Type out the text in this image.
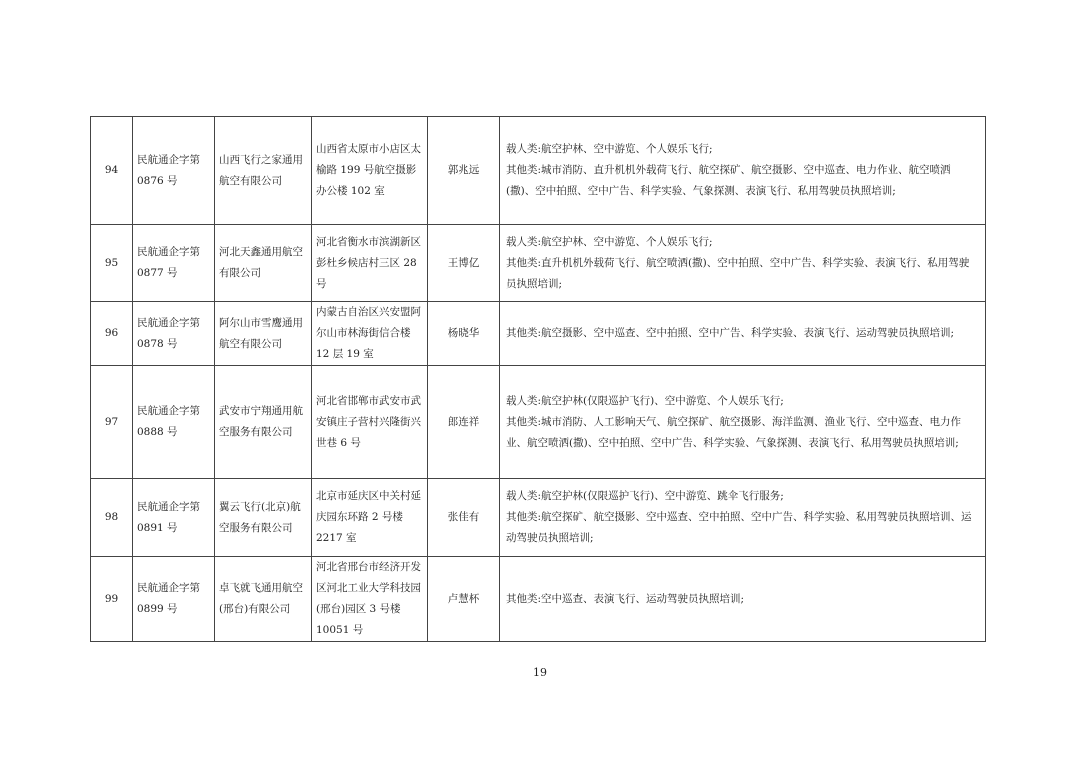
94	民航通企字第 0876 号	山西飞行之家通用航空有限公司	山西省太原市小店区太榆路 199 号航空摄影办公楼 102 室	郭兆远	载人类:航空护林、空中游览、个人娱乐飞行;
其他类:城市消防、直升机机外载荷飞行、航空探矿、航空摄影、空中巡查、电力作业、航空喷洒(撒)、空中拍照、空中广告、科学实验、气象探测、表演飞行、私用驾驶员执照培训;

95	民航通企字第 0877 号	河北天鑫通用航空有限公司	河北省衡水市滨湖新区彭杜乡候店村三区 28 号	王博亿	载人类:航空护林、空中游览、个人娱乐飞行;
其他类:直升机机外载荷飞行、航空喷洒(撒)、空中拍照、空中广告、科学实验、表演飞行、私用驾驶员执照培训;

96	民航通企字第 0878 号	阿尔山市雪鹰通用航空有限公司	内蒙古自治区兴安盟阿尔山市林海街信合楼 12 层 19 室	杨晓华	其他类:航空摄影、空中巡查、空中拍照、空中广告、科学实验、表演飞行、运动驾驶员执照培训;

97	民航通企字第 0888 号	武安市宁翔通用航空服务有限公司	河北省邯郸市武安市武安镇庄子营村兴隆街兴世巷 6 号	郎连祥	载人类:航空护林(仅限巡护飞行)、空中游览、个人娱乐飞行;
其他类:城市消防、人工影响天气、航空探矿、航空摄影、海洋监测、渔业飞行、空中巡查、电力作业、航空喷洒(撒)、空中拍照、空中广告、科学实验、气象探测、表演飞行、私用驾驶员执照培训;

98	民航通企字第 0891 号	翼云飞行(北京)航空服务有限公司	北京市延庆区中关村延庆园东环路 2 号楼 2217 室	张佳有	载人类:航空护林(仅限巡护飞行)、空中游览、跳伞飞行服务;
其他类:航空探矿、航空摄影、空中巡查、空中拍照、空中广告、科学实验、私用驾驶员执照培训、运动驾驶员执照培训;

99	民航通企字第 0899 号	卓飞就飞通用航空(邢台)有限公司	河北省邢台市经济开发区河北工业大学科技园(邢台)园区 3 号楼 10051 号	卢慧杯	其他类:空中巡查、表演飞行、运动驾驶员执照培训;
19
